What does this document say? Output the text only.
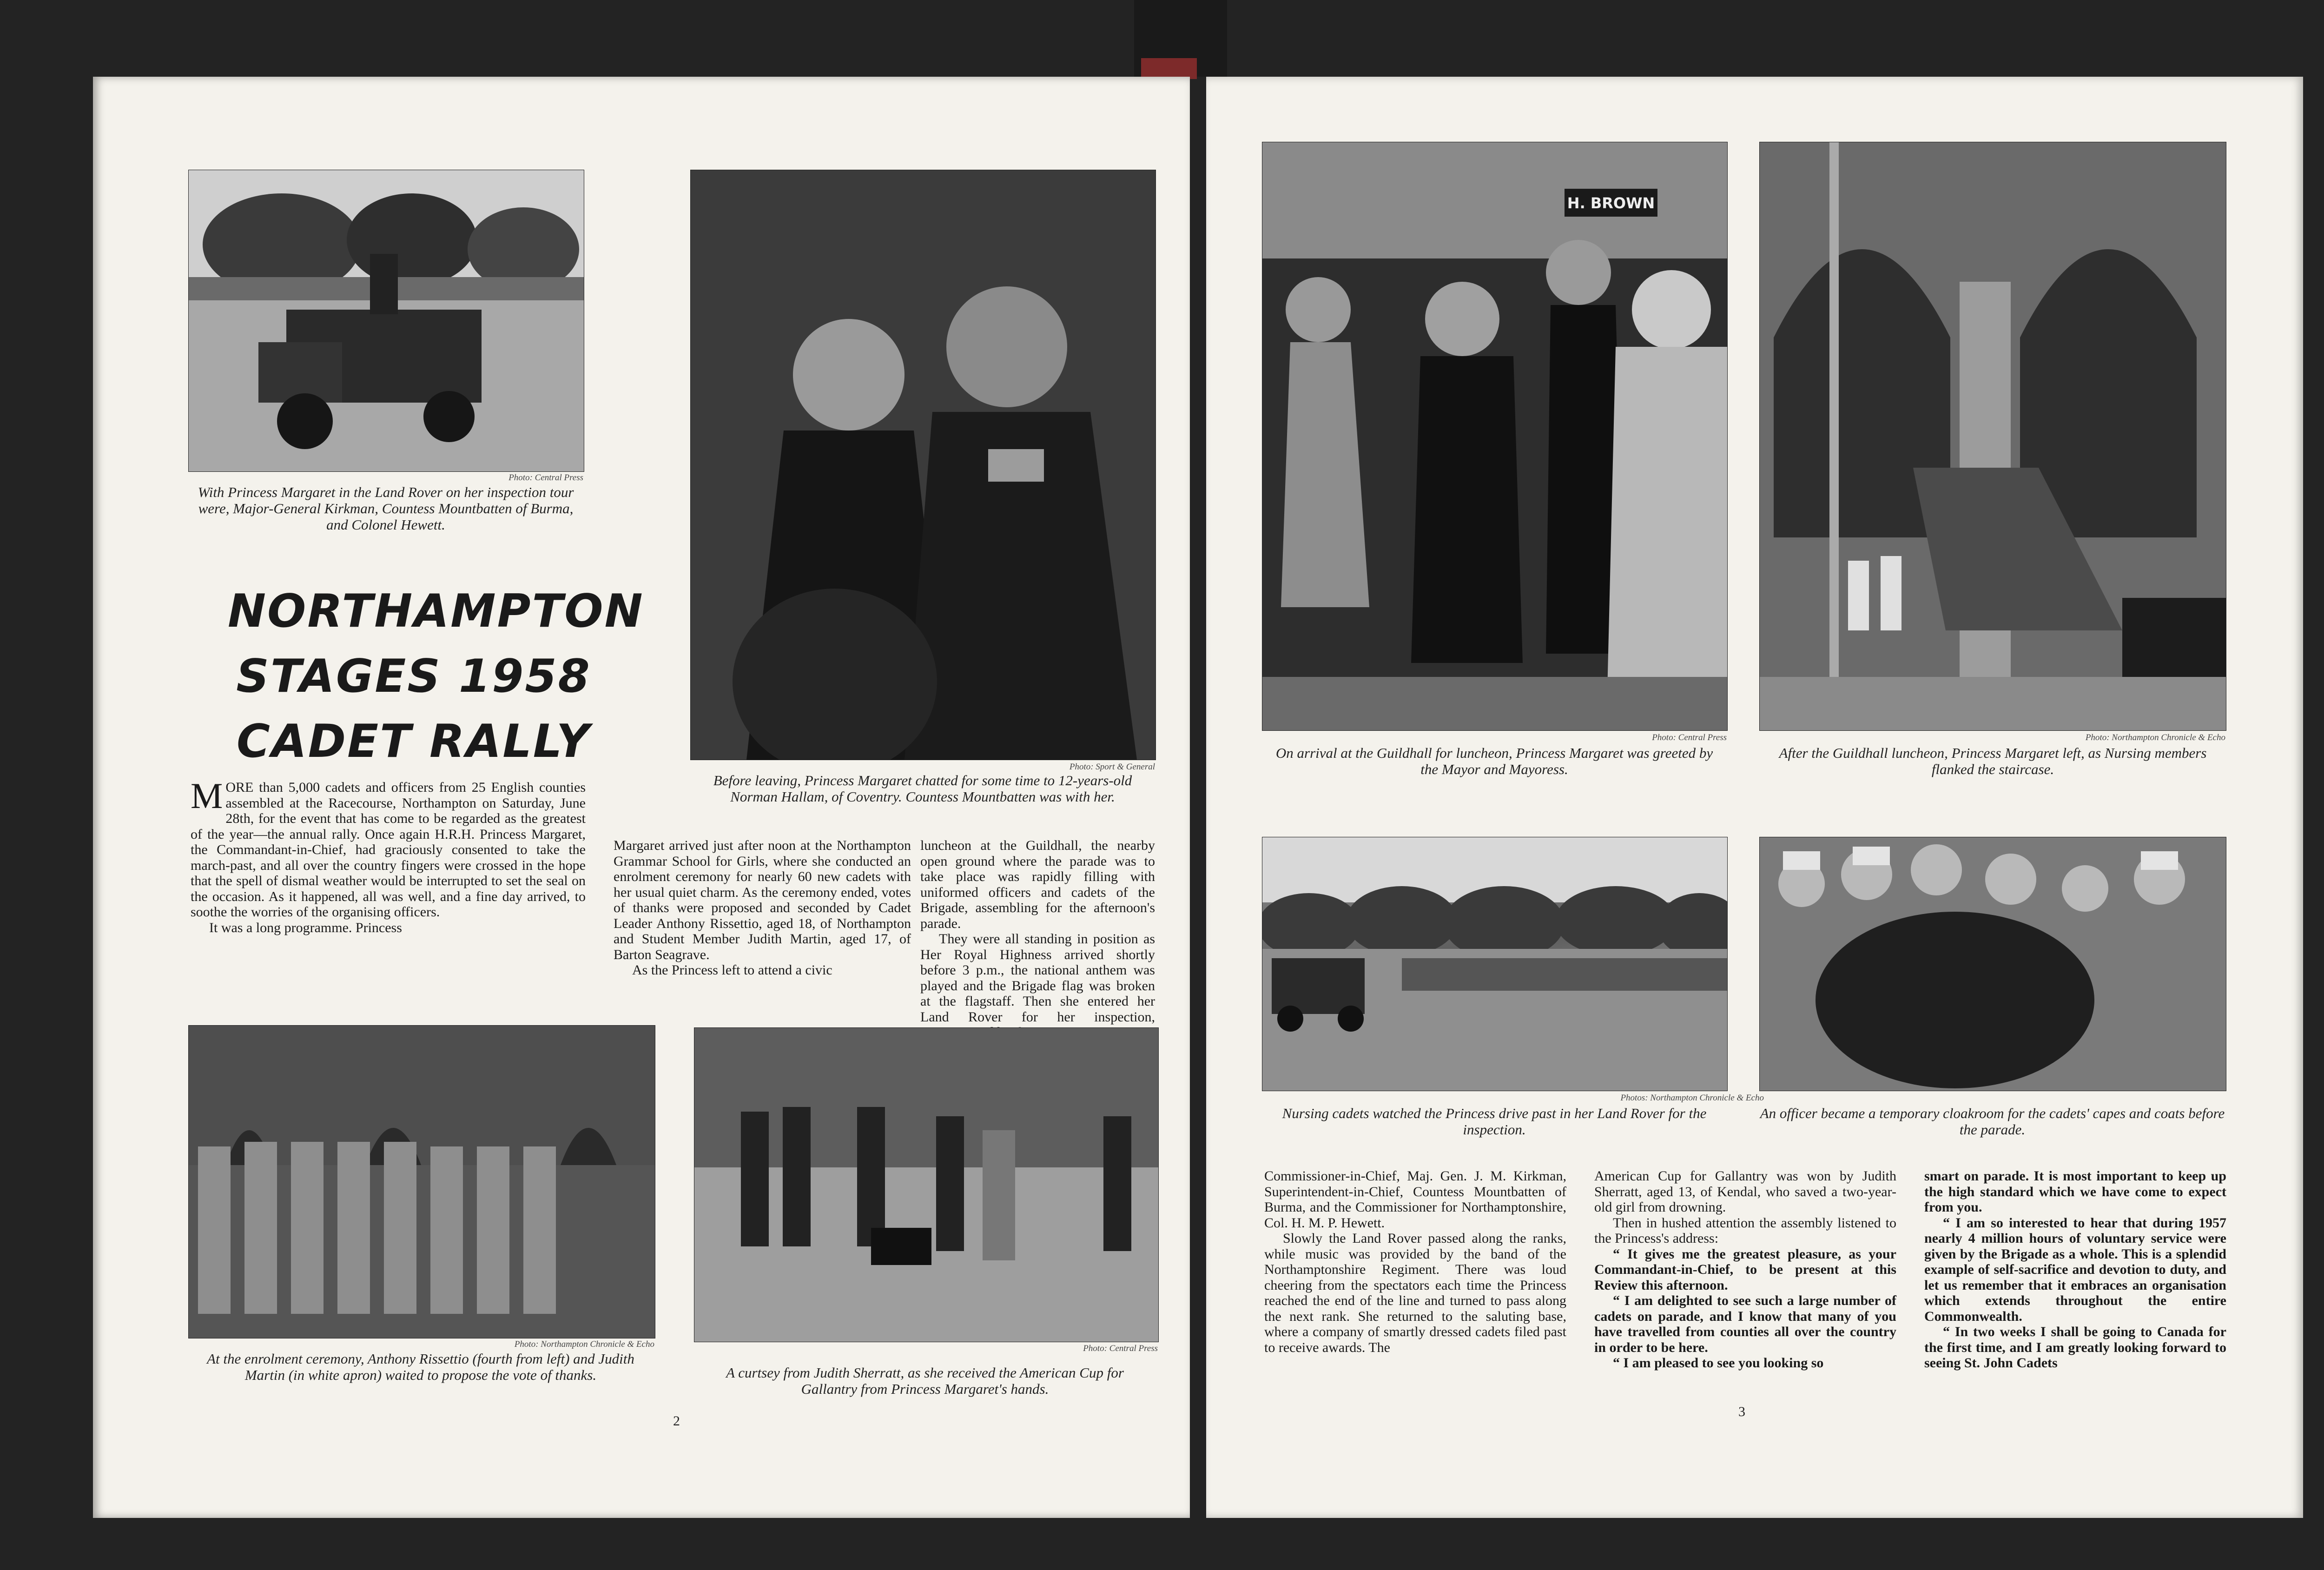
Photo: Central Press
With Princess Margaret in the Land Rover on her inspection tour were, Major-General Kirkman, Countess Mountbatten of Burma, and Colonel Hewett.
Photo: Sport & General
Before leaving, Princess Margaret chatted for some time to 12-years-old Norman Hallam, of Coventry. Countess Mountbatten was with her.
NORTHAMPTON
STAGES 1958
CADET RALLY

MORE than 5,000 cadets and officers from 25 English counties assembled at the Racecourse, Northampton on Saturday, June 28th, for the event that has come to be regarded as the greatest of the year—the annual rally. Once again H.R.H. Princess Margaret, the Commandant-in-Chief, had graciously consented to take the march-past, and all over the country fingers were crossed in the hope that the spell of dismal weather would be interrupted to set the seal on the occasion. As it happened, all was well, and a fine day arrived, to soothe the worries of the organising officers.

It was a long programme. Princess

Margaret arrived just after noon at the Northampton Grammar School for Girls, where she conducted an enrolment ceremony for nearly 60 new cadets with her usual quiet charm. As the ceremony ended, votes of thanks were proposed and seconded by Cadet Leader Anthony Rissettio, aged 18, of Northampton and Student Member Judith Martin, aged 17, of Barton Seagrave.

As the Princess left to attend a civic

luncheon at the Guildhall, the nearby open ground where the parade was to take place was rapidly filling with uniformed officers and cadets of the Brigade, assembling for the afternoon's parade.

They were all standing in position as Her Royal Highness arrived shortly before 3 p.m., the national anthem was played and the Brigade flag was broken at the flagstaff. Then she entered her Land Rover for her inspection,

Photo: Northampton Chronicle & Echo
At the enrolment ceremony, Anthony Rissettio (fourth from left) and Judith Martin (in white apron) waited to propose the vote of thanks.
Photo: Central Press
A curtsey from Judith Sherratt, as she received the American Cup for Gallantry from Princess Margaret's hands.
2
H. BROWN
Photo: Central Press
On arrival at the Guildhall for luncheon, Princess Margaret was greeted by the Mayor and Mayoress.
Photo: Northampton Chronicle & Echo
After the Guildhall luncheon, Princess Margaret left, as Nursing members flanked the staircase.
Photos: Northampton Chronicle & Echo
Nursing cadets watched the Princess drive past in her Land Rover for the inspection.
An officer became a temporary cloakroom for the cadets' capes and coats before the parade.

Commissioner-in-Chief, Maj. Gen. J. M. Kirkman, Superintendent-in-Chief, Countess Mountbatten of Burma, and the Commissioner for Northamptonshire, Col. H. M. P. Hewett.

Slowly the Land Rover passed along the ranks, while music was provided by the band of the Northamptonshire Regiment. There was loud cheering from the spectators each time the Princess reached the end of the line and turned to pass along the next rank. She returned to the saluting base, where a company of smartly dressed cadets filed past to receive awards. The

American Cup for Gallantry was won by Judith Sherratt, aged 13, of Kendal, who saved a two-year-old girl from drowning.

Then in hushed attention the assembly listened to the Princess's address:

“ It gives me the greatest pleasure, as your Commandant-in-Chief, to be present at this Review this afternoon.

“ I am delighted to see such a large number of cadets on parade, and I know that many of you have travelled from counties all over the country in order to be here.

“ I am pleased to see you looking so

smart on parade. It is most important to keep up the high standard which we have come to expect from you.

“ I am so interested to hear that during 1957 nearly 4 million hours of voluntary service were given by the Brigade as a whole. This is a splendid example of self-sacrifice and devotion to duty, and let us remember that it embraces an organisation which extends throughout the entire Commonwealth.

“ In two weeks I shall be going to Canada for the first time, and I am greatly looking forward to seeing St. John Cadets

3
